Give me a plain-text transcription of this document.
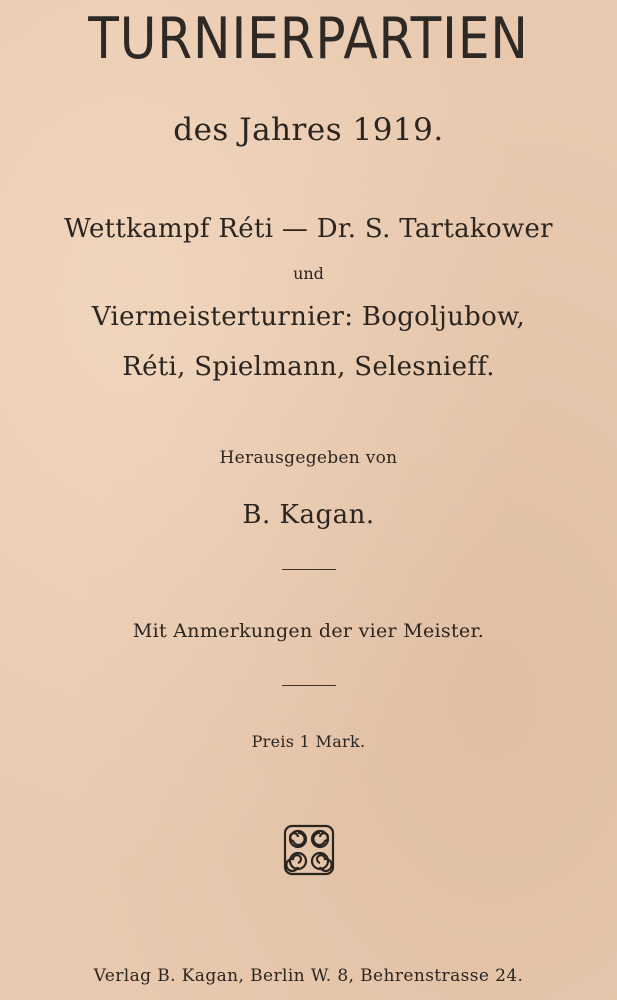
TURNIERPARTIEN
des Jahres 1919.
Wettkampf Réti — Dr. S. Tartakower
und
Viermeisterturnier: Bogoljubow,
Réti, Spielmann, Selesnieff.
Herausgegeben von
B. Kagan.
Mit Anmerkungen der vier Meister.
Preis 1 Mark.
Verlag B. Kagan, Berlin W. 8, Behrenstrasse 24.
